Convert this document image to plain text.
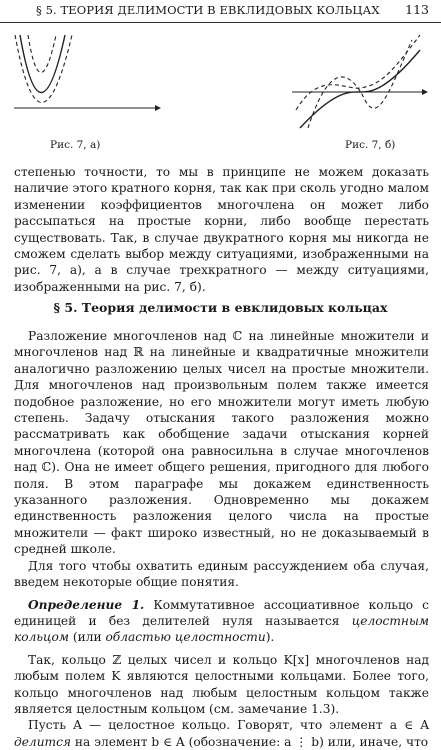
§ 5. ТЕОРИЯ ДЕЛИМОСТИ В ЕВКЛИДОВЫХ КОЛЬЦАХ 113
Рис. 7, а)	Рис. 7, б)

степенью точности, то мы в принципе не можем доказать наличие этого кратного корня, так как при сколь угодно малом изменении коэффициентов многочлена он может либо рассыпаться на простые корни, либо вообще перестать существовать. Так, в случае двукратного корня мы никогда не сможем сделать выбор между ситуациями, изображенными на рис. 7, а), а в случае трехкратного — между ситуациями, изображенными на рис. 7, б).

§ 5. Теория делимости в евклидовых кольцах

Разложение многочленов над ℂ на линейные множители и многочленов над ℝ на линейные и квадратичные множители аналогично разложению целых чисел на простые множители. Для многочленов над произвольным полем также имеется подобное разложение, но его множители могут иметь любую степень. Задачу отыскания такого разложения можно рассматривать как обобщение задачи отыскания корней многочлена (которой она равносильна в случае многочленов над ℂ). Она не имеет общего решения, пригодного для любого поля. В этом параграфе мы докажем единственность указанного разложения. Одновременно мы докажем единственность разложения целого числа на простые множители — факт широко известный, но не доказываемый в средней школе.

Для того чтобы охватить единым рассуждением оба случая, введем некоторые общие понятия.

Определение 1. Коммутативное ассоциативное кольцо с единицей и без делителей нуля называется целостным кольцом (или областью целостности).

Так, кольцо ℤ целых чисел и кольцо K[x] многочленов над любым полем K являются целостными кольцами. Более того, кольцо многочленов над любым целостным кольцом также является целостным кольцом (см. замечание 1.3).

Пусть A — целостное кольцо. Говорят, что элемент a ∈ A делится на элемент b ∈ A (обозначение: a ⋮ b) или, иначе, что
